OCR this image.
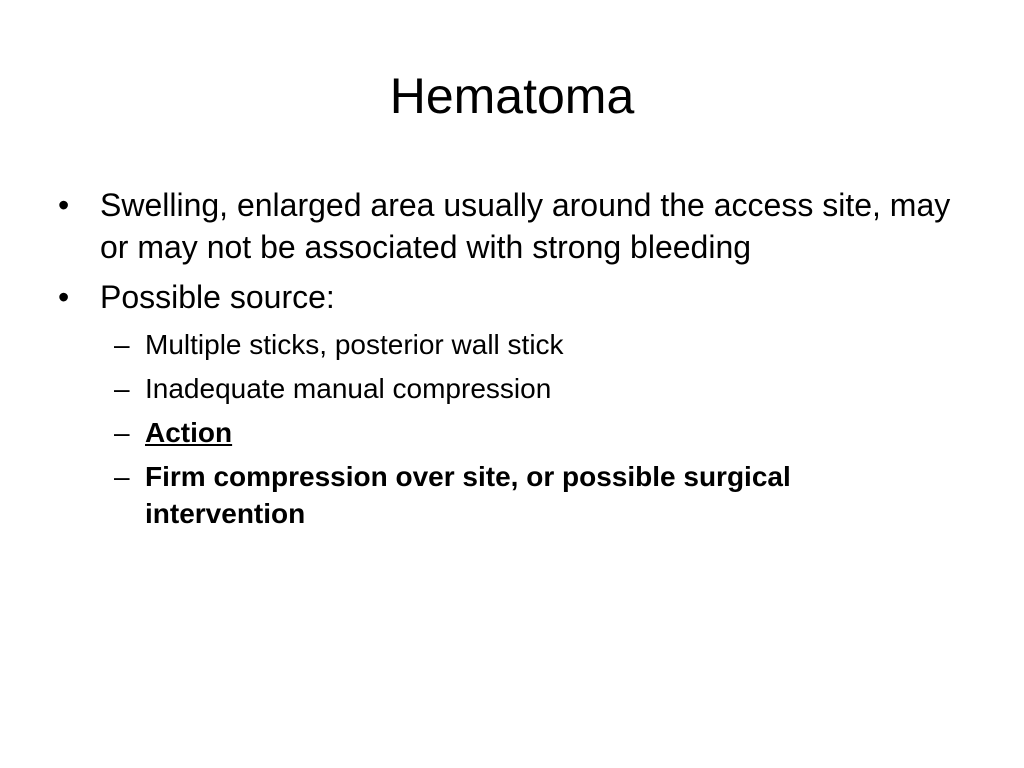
Hematoma
• Swelling, enlarged area usually around the access site, may or may not be associated with strong bleeding
• Possible source:
– Multiple sticks, posterior wall stick
– Inadequate manual compression
– Action
– Firm compression over site, or possible surgical intervention
